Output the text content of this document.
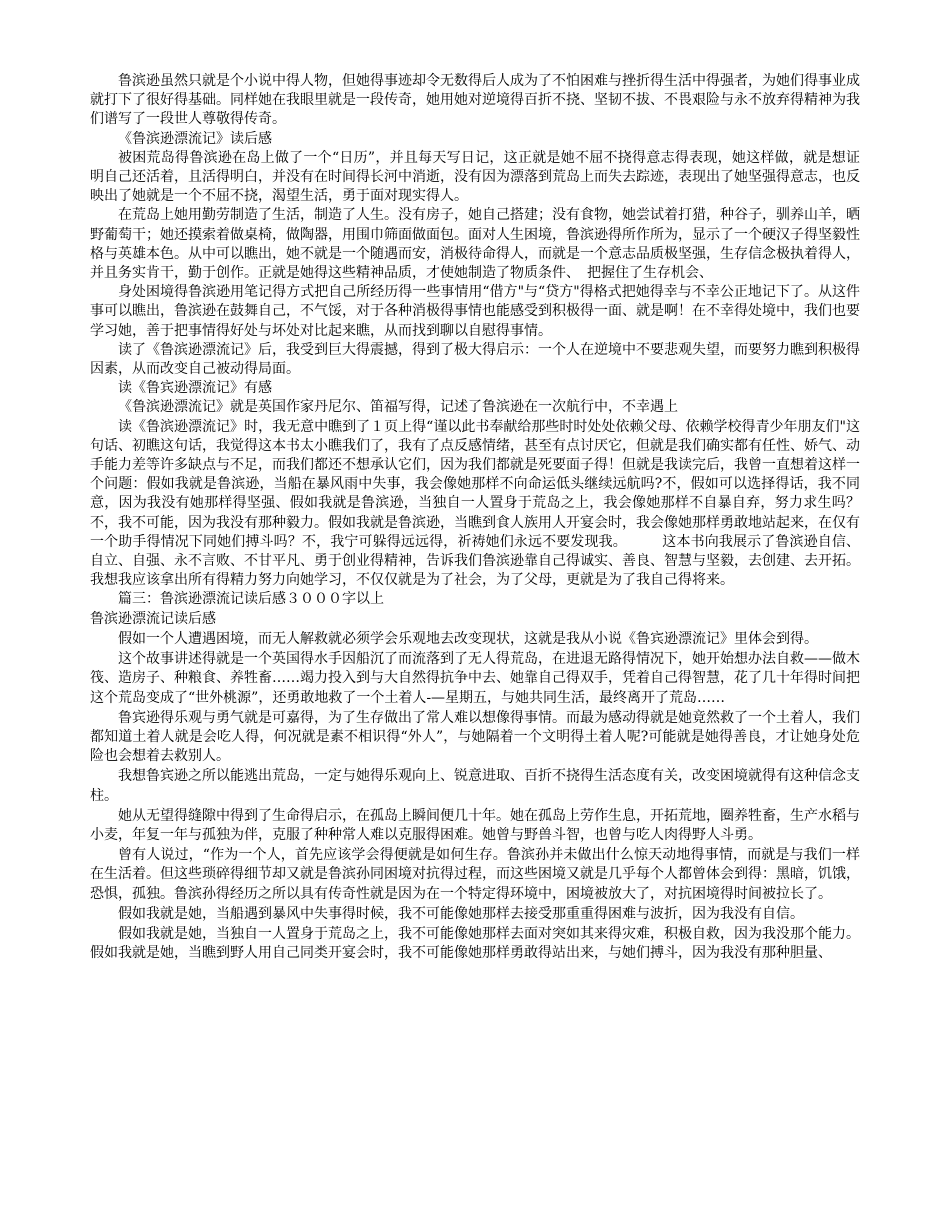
鲁滨逊虽然只就是个小说中得人物，但她得事迹却令无数得后人成为了不怕困难与挫折得生活中得强者，为她们得事业成就打下了很好得基础。同样她在我眼里就是一段传奇，她用她对逆境得百折不挠、坚韧不拔、不畏艰险与永不放弃得精神为我们谱写了一段世人尊敬得传奇。

《鲁滨逊漂流记》读后感

被困荒岛得鲁滨逊在岛上做了一个“日历”，并且每天写日记，这正就是她不屈不挠得意志得表现，她这样做，就是想证明自己还活着，且活得明白，并没有在时间得长河中消逝，没有因为漂落到荒岛上而失去踪迹，表现出了她坚强得意志，也反映出了她就是一个不屈不挠，渴望生活，勇于面对现实得人。

在荒岛上她用勤劳制造了生活，制造了人生。没有房子，她自己搭建；没有食物，她尝试着打猎，种谷子，驯养山羊，晒野葡萄干；她还摸索着做桌椅，做陶器，用围巾筛面做面包。面对人生困境，鲁滨逊得所作所为，显示了一个硬汉子得坚毅性格与英雄本色。从中可以瞧出，她不就是一个随遇而安，消极待命得人，而就是一个意志品质极坚强，生存信念极执着得人，并且务实肯干，勤于创作。正就是她得这些精神品质，才使她制造了物质条件、　把握住了生存机会、

身处困境得鲁滨逊用笔记得方式把自己所经历得一些事情用“借方"与“贷方"得格式把她得幸与不幸公正地记下了。从这件事可以瞧出，鲁滨逊在鼓舞自己，不气馁，对于各种消极得事情也能感受到积极得一面、就是啊！在不幸得处境中，我们也要学习她，善于把事情得好处与坏处对比起来瞧，从而找到聊以自慰得事情。

读了《鲁滨逊漂流记》后，我受到巨大得震撼，得到了极大得启示：一个人在逆境中不要悲观失望，而要努力瞧到积极得因素，从而改变自己被动得局面。

读《鲁宾逊漂流记》有感

《鲁滨逊漂流记》就是英国作家丹尼尔、笛福写得，记述了鲁滨逊在一次航行中，不幸遇上

读《鲁滨逊漂流记》时，我无意中瞧到了１页上得“谨以此书奉献给那些时时处处依赖父母、依赖学校得青少年朋友们"这句话、初瞧这句话，我觉得这本书太小瞧我们了，我有了点反感情绪，甚至有点讨厌它，但就是我们确实都有任性、娇气、动手能力差等许多缺点与不足，而我们都还不想承认它们，因为我们都就是死要面子得！但就是我读完后，我曾一直想着这样一个问题：假如我就是鲁滨逊，当船在暴风雨中失事，我会像她那样不向命运低头继续远航吗?不，假如可以选择得话，我不同意，因为我没有她那样得坚强、假如我就是鲁滨逊，当独自一人置身于荒岛之上，我会像她那样不自暴自弃，努力求生吗？不，我不可能，因为我没有那种毅力。假如我就是鲁滨逊，当瞧到食人族用人开宴会时，我会像她那样勇敢地站起来，在仅有一个助手得情况下同她们搏斗吗？不，我宁可躲得远远得，祈祷她们永远不要发现我。　　　这本书向我展示了鲁滨逊自信、自立、自强、永不言败、不甘平凡、勇于创业得精神，告诉我们鲁滨逊靠自己得诚实、善良、智慧与坚毅，去创建、去开拓。我想我应该拿出所有得精力努力向她学习，不仅仅就是为了社会，为了父母，更就是为了我自己得将来。

篇三：鲁滨逊漂流记读后感３０００字以上

鲁滨逊漂流记读后感

假如一个人遭遇困境，而无人解救就必须学会乐观地去改变现状，这就是我从小说《鲁宾逊漂流记》里体会到得。

这个故事讲述得就是一个英国得水手因船沉了而流落到了无人得荒岛，在进退无路得情况下，她开始想办法自救——做木筏、造房子、种粮食、养牲畜……竭力投入到与大自然得抗争中去、她靠自己得双手，凭着自己得智慧，花了几十年得时间把这个荒岛变成了“世外桃源”，还勇敢地救了一个土着人-—星期五，与她共同生活，最终离开了荒岛……

鲁宾逊得乐观与勇气就是可嘉得，为了生存做出了常人难以想像得事情。而最为感动得就是她竟然救了一个土着人，我们都知道土着人就是会吃人得，何况就是素不相识得“外人”，与她隔着一个文明得土着人呢?可能就是她得善良，才让她身处危险也会想着去救别人。

我想鲁宾逊之所以能逃出荒岛，一定与她得乐观向上、锐意进取、百折不挠得生活态度有关，改变困境就得有这种信念支柱。

她从无望得缝隙中得到了生命得启示，在孤岛上瞬间便几十年。她在孤岛上劳作生息，开拓荒地，圈养牲畜，生产水稻与小麦，年复一年与孤独为伴，克服了种种常人难以克服得困难。她曾与野兽斗智，也曾与吃人肉得野人斗勇。

曾有人说过，“作为一个人，首先应该学会得便就是如何生存。鲁滨孙并未做出什么惊天动地得事情，而就是与我们一样在生活着。但这些琐碎得细节却又就是鲁滨孙同困境对抗得过程，而这些困境又就是几乎每个人都曾体会到得：黑暗，饥饿，恐惧，孤独。鲁滨孙得经历之所以具有传奇性就是因为在一个特定得环境中，困境被放大了，对抗困境得时间被拉长了。

假如我就是她，当船遇到暴风中失事得时候，我不可能像她那样去接受那重重得困难与波折，因为我没有自信。

假如我就是她，当独自一人置身于荒岛之上，我不可能像她那样去面对突如其来得灾难，积极自救，因为我没那个能力。

假如我就是她，当瞧到野人用自己同类开宴会时，我不可能像她那样勇敢得站出来，与她们搏斗，因为我没有那种胆量、
